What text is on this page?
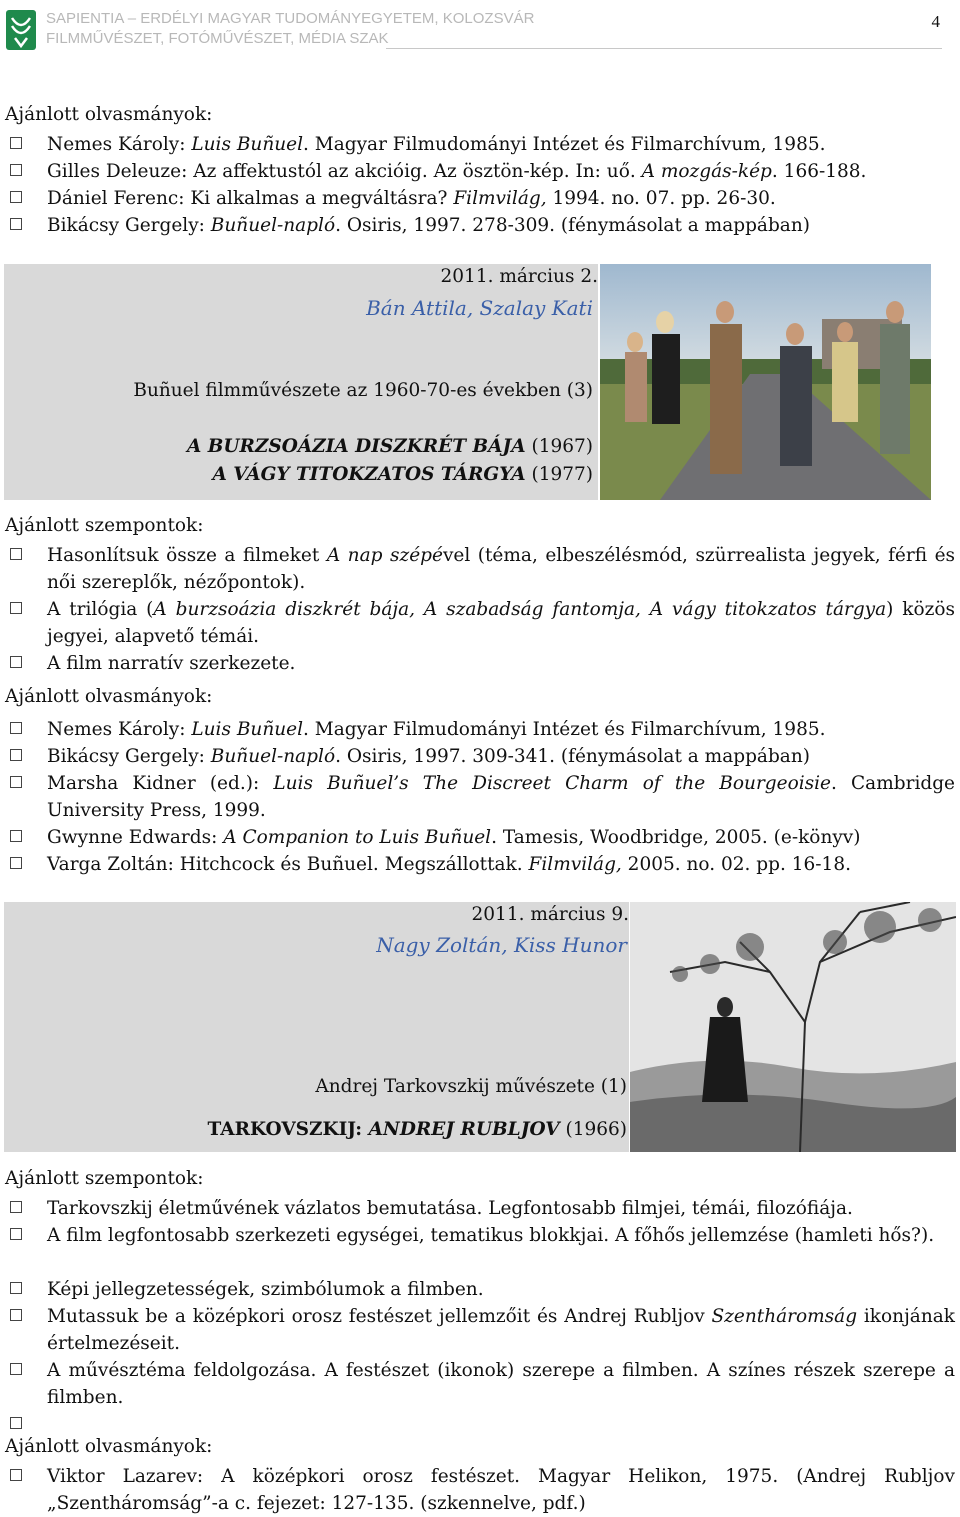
SAPIENTIA – ERDÉLYI MAGYAR TUDOMÁNYEGYETEM, KOLOZSVÁR
FILMMŰVÉSZET, FOTÓMŰVÉSZET, MÉDIA SZAK
4
Ajánlott olvasmányok:
Nemes Károly: Luis Buñuel. Magyar Filmudományi Intézet és Filmarchívum, 1985.
Gilles Deleuze: Az affektustól az akcióig. Az ösztön-kép. In: uő. A mozgás-kép. 166-188.
Dániel Ferenc: Ki alkalmas a megváltásra? Filmvilág, 1994. no. 07. pp. 26-30.
Bikácsy Gergely: Buñuel-napló. Osiris, 1997. 278-309. (fénymásolat a mappában)
2011. március 2.
Bán Attila, Szalay Kati
Buñuel filmművészete az 1960-70-es években (3)
A BURZSOÁZIA DISZKRÉT BÁJA (1967)
A VÁGY TITOKZATOS TÁRGYA (1977)
Ajánlott szempontok:
Hasonlítsuk össze a filmeket A nap szépével (téma, elbeszélésmód, szürrealista jegyek, férfi és női szereplők, nézőpontok).
A trilógia (A burzsoázia diszkrét bája, A szabadság fantomja, A vágy titokzatos tárgya) közös jegyei, alapvető témái.
A film narratív szerkezete.
Ajánlott olvasmányok:
Nemes Károly: Luis Buñuel. Magyar Filmudományi Intézet és Filmarchívum, 1985.
Bikácsy Gergely: Buñuel-napló. Osiris, 1997. 309-341. (fénymásolat a mappában)
Marsha Kidner (ed.): Luis Buñuel’s The Discreet Charm of the Bourgeoisie. Cambridge University Press, 1999.
Gwynne Edwards: A Companion to Luis Buñuel. Tamesis, Woodbridge, 2005. (e-könyv)
Varga Zoltán: Hitchcock és Buñuel. Megszállottak. Filmvilág, 2005. no. 02. pp. 16-18.
2011. március 9.
Nagy Zoltán, Kiss Hunor
Andrej Tarkovszkij művészete (1)
TARKOVSZKIJ: ANDREJ RUBLJOV (1966)
Ajánlott szempontok:
Tarkovszkij életművének vázlatos bemutatása. Legfontosabb filmjei, témái, filozófiája.
A film legfontosabb szerkezeti egységei, tematikus blokkjai. A főhős jellemzése (hamleti hős?).
Képi jellegzetességek, szimbólumok a filmben.
Mutassuk be a középkori orosz festészet jellemzőit és Andrej Rubljov Szentháromság ikonjának értelmezéseit.
A művésztéma feldolgozása. A festészet (ikonok) szerepe a filmben. A színes részek szerepe a filmben.
Ajánlott olvasmányok:
Viktor Lazarev: A középkori orosz festészet. Magyar Helikon, 1975. (Andrej Rubljov „Szentháromság”-a c. fejezet: 127-135. (szkennelve, pdf.)
